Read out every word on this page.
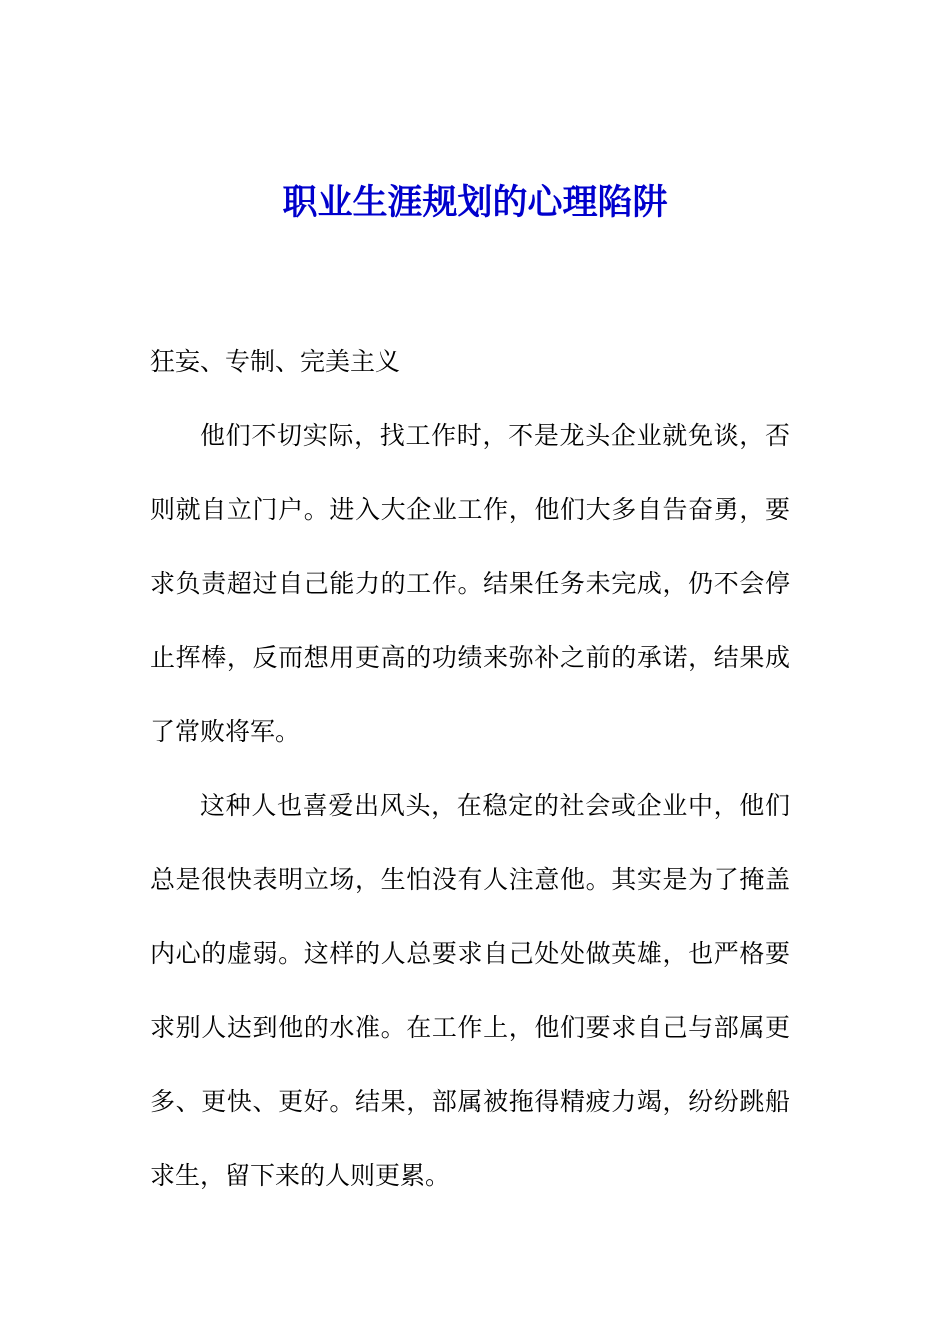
职业生涯规划的心理陷阱

狂妄、专制、完美主义

他们不切实际，找工作时，不是龙头企业就免谈，否则就自立门户。进入大企业工作，他们大多自告奋勇，要求负责超过自己能力的工作。结果任务未完成，仍不会停止挥棒，反而想用更高的功绩来弥补之前的承诺，结果成了常败将军。

这种人也喜爱出风头，在稳定的社会或企业中，他们总是很快表明立场，生怕没有人注意他。其实是为了掩盖内心的虚弱。这样的人总要求自己处处做英雄，也严格要求别人达到他的水准。在工作上，他们要求自己与部属更多、更快、更好。结果，部属被拖得精疲力竭，纷纷跳船求生，留下来的人则更累。
